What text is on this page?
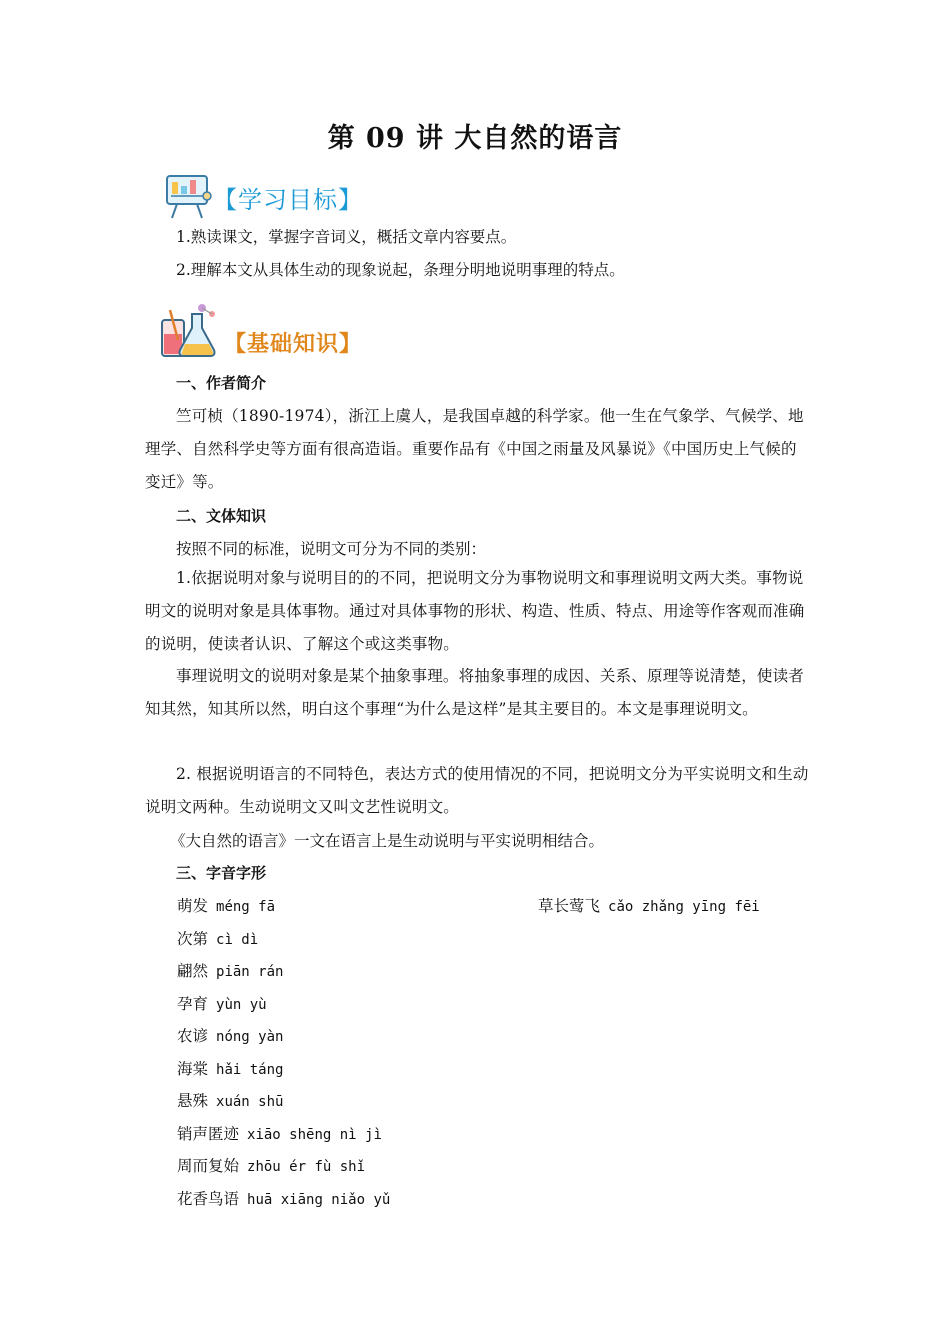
第 09 讲 大自然的语言
【学习目标】
1.熟读课文，掌握字音词义，概括文章内容要点。
2.理解本文从具体生动的现象说起，条理分明地说明事理的特点。
【基础知识】
一、作者简介
竺可桢（1890-1974），浙江上虞人，是我国卓越的科学家。他一生在气象学、气候学、地理学、自然科学史等方面有很高造诣。重要作品有《中国之雨量及风暴说》《中国历史上气候的变迁》等。
二、文体知识
按照不同的标准，说明文可分为不同的类别：
1.依据说明对象与说明目的的不同，把说明文分为事物说明文和事理说明文两大类。事物说明文的说明对象是具体事物。通过对具体事物的形状、构造、性质、特点、用途等作客观而准确的说明，使读者认识、了解这个或这类事物。
事理说明文的说明对象是某个抽象事理。将抽象事理的成因、关系、原理等说清楚，使读者知其然，知其所以然，明白这个事理“为什么是这样”是其主要目的。本文是事理说明文。
2. 根据说明语言的不同特色，表达方式的使用情况的不同，把说明文分为平实说明文和生动说明文两种。生动说明文又叫文艺性说明文。
《大自然的语言》一文在语言上是生动说明与平实说明相结合。
三、字音字形
萌发 méng fā	草长莺飞 cǎo zhǎng yīng fēi
次第 cì dì
翩然 piān rán
孕育 yùn yù
农谚 nóng yàn
海棠 hǎi táng
悬殊 xuán shū
销声匿迹 xiāo shēng nì jì
周而复始 zhōu ér fù shǐ
花香鸟语 huā xiāng niǎo yǔ
